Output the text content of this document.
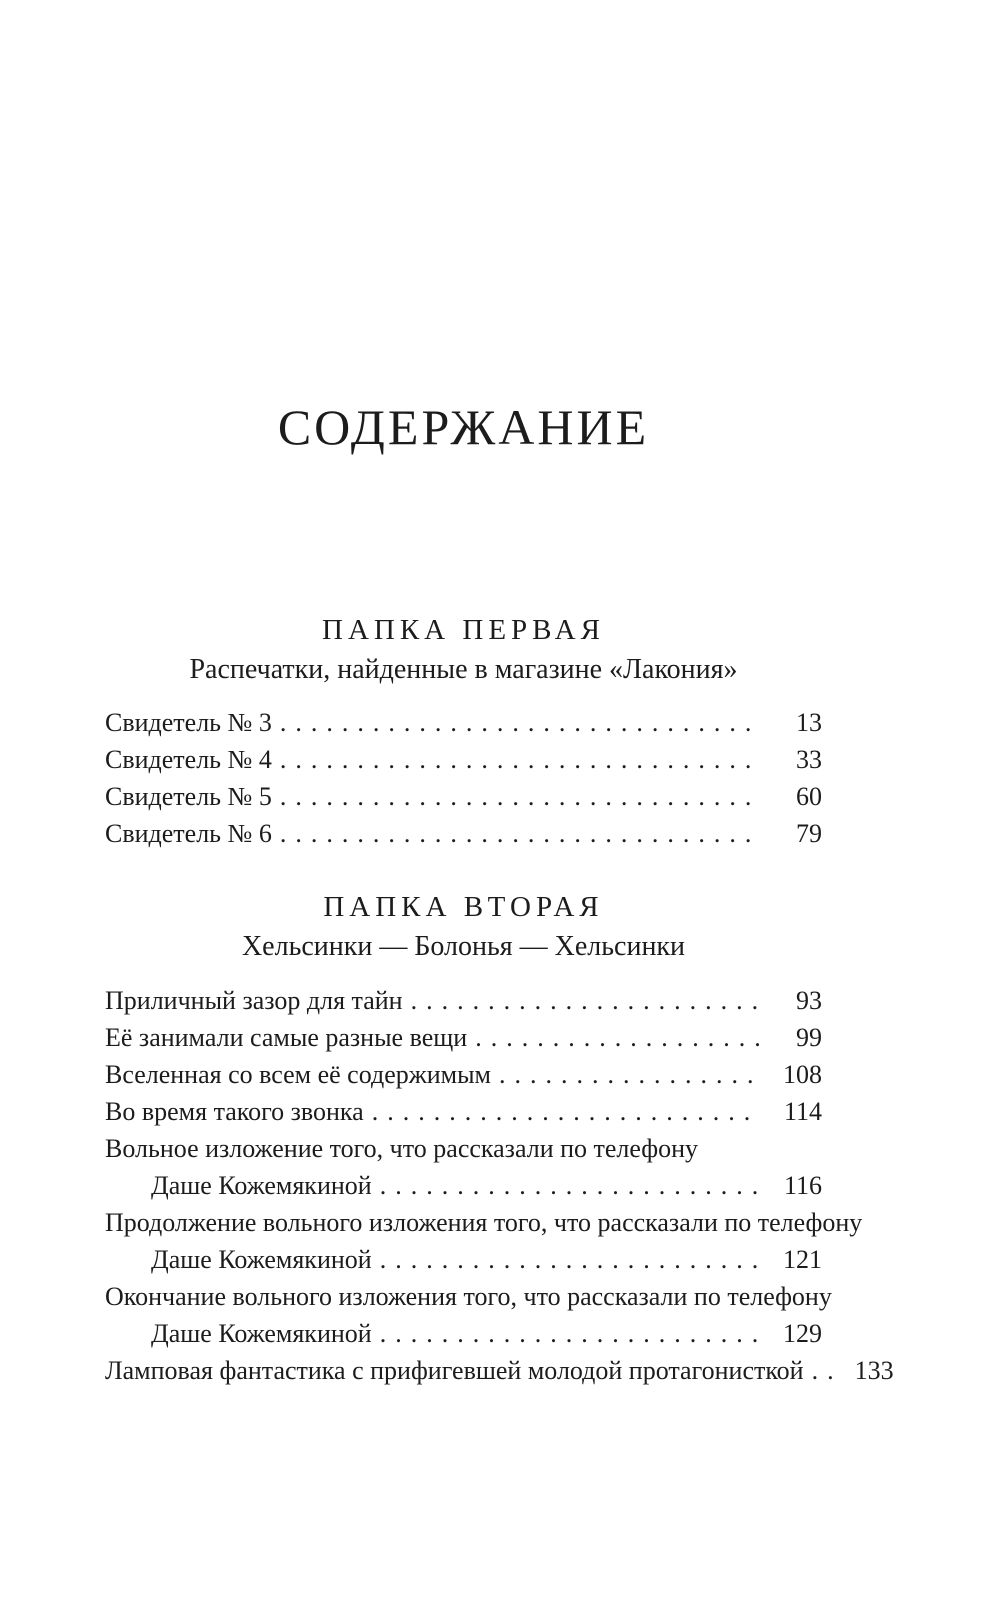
СОДЕРЖАНИЕ
ПАПКА ПЕРВАЯ
Распечатки, найденные в магазине «Лакония»
Свидетель № 3 .....	13
Свидетель № 4 .....	33
Свидетель № 5 .....	60
Свидетель № 6 .....	79
ПАПКА ВТОРАЯ
Хельсинки — Болонья — Хельсинки
Приличный зазор для тайн .....	93
Её занимали самые разные вещи .....	99
Вселенная со всем её содержимым .....	108
Во время такого звонка .....	114
Вольное изложение того, что рассказали по телефону
Даше Кожемякиной .....	116
Продолжение вольного изложения того, что рассказали по телефону
Даше Кожемякиной .....	121
Окончание вольного изложения того, что рассказали по телефону
Даше Кожемякиной .....	129
Ламповая фантастика с прифигевшей молодой протагонисткой .....	133
